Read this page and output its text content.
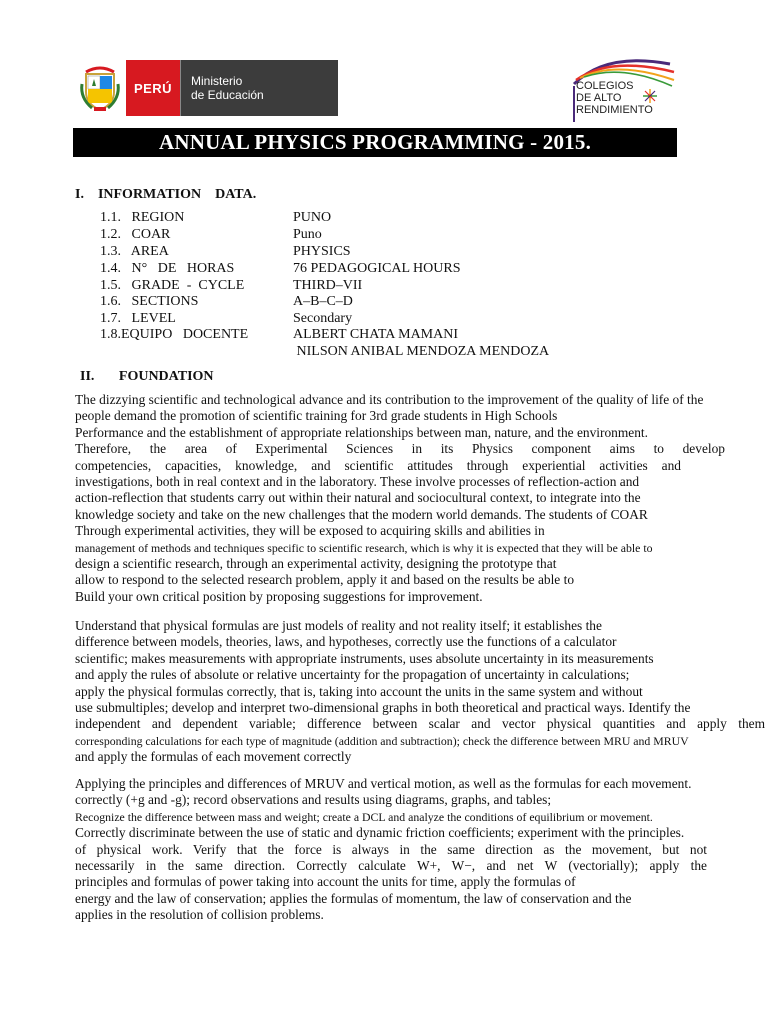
PERÚ	Ministerio
de Educación
COLEGIOS
DE ALTO
RENDIMIENTO
ANNUAL PHYSICS PROGRAMMING - 2015.
I.    INFORMATION    DATA.
1.1.   REGION	PUNO
1.2.   COAR	Puno
1.3.   AREA	PHYSICS
1.4.   N°   DE   HORAS	76 PEDAGOGICAL HOURS
1.5.   GRADE  -  CYCLE	THIRD–VII
1.6.   SECTIONS	A–B–C–D
1.7.   LEVEL	Secondary
1.8.EQUIPO   DOCENTE	ALBERT CHATA MAMANI
NILSON ANIBAL MENDOZA MENDOZA
II.       FOUNDATION
The dizzying scientific and technological advance and its contribution to the improvement of the quality of life of the
people demand the promotion of scientific training for 3rd grade students in High Schools
Performance and the establishment of appropriate relationships between man, nature, and the environment.
Therefore, the area of Experimental Sciences in its Physics component aims to develop
competencies, capacities, knowledge, and scientific attitudes through experiential activities and
investigations, both in real context and in the laboratory. These involve processes of reflection-action and
action-reflection that students carry out within their natural and sociocultural context, to integrate into the
knowledge society and take on the new challenges that the modern world demands. The students of COAR
Through experimental activities, they will be exposed to acquiring skills and abilities in
management of methods and techniques specific to scientific research, which is why it is expected that they will be able to
design a scientific research, through an experimental activity, designing the prototype that
allow to respond to the selected research problem, apply it and based on the results be able to
Build your own critical position by proposing suggestions for improvement.
Understand that physical formulas are just models of reality and not reality itself; it establishes the
difference between models, theories, laws, and hypotheses, correctly use the functions of a calculator
scientific; makes measurements with appropriate instruments, uses absolute uncertainty in its measurements
and apply the rules of absolute or relative uncertainty for the propagation of uncertainty in calculations;
apply the physical formulas correctly, that is, taking into account the units in the same system and without
use submultiples; develop and interpret two-dimensional graphs in both theoretical and practical ways. Identify the
independent and dependent variable; difference between scalar and vector physical quantities and apply them
corresponding calculations for each type of magnitude (addition and subtraction); check the difference between MRU and MRUV
and apply the formulas of each movement correctly
Applying the principles and differences of MRUV and vertical motion, as well as the formulas for each movement.
correctly (+g and -g); record observations and results using diagrams, graphs, and tables;
Recognize the difference between mass and weight; create a DCL and analyze the conditions of equilibrium or movement.
Correctly discriminate between the use of static and dynamic friction coefficients; experiment with the principles.
of physical work. Verify that the force is always in the same direction as the movement, but not
necessarily in the same direction. Correctly calculate W+, W−, and net W (vectorially); apply the
principles and formulas of power taking into account the units for time, apply the formulas of
energy and the law of conservation; applies the formulas of momentum, the law of conservation and the
applies in the resolution of collision problems.
